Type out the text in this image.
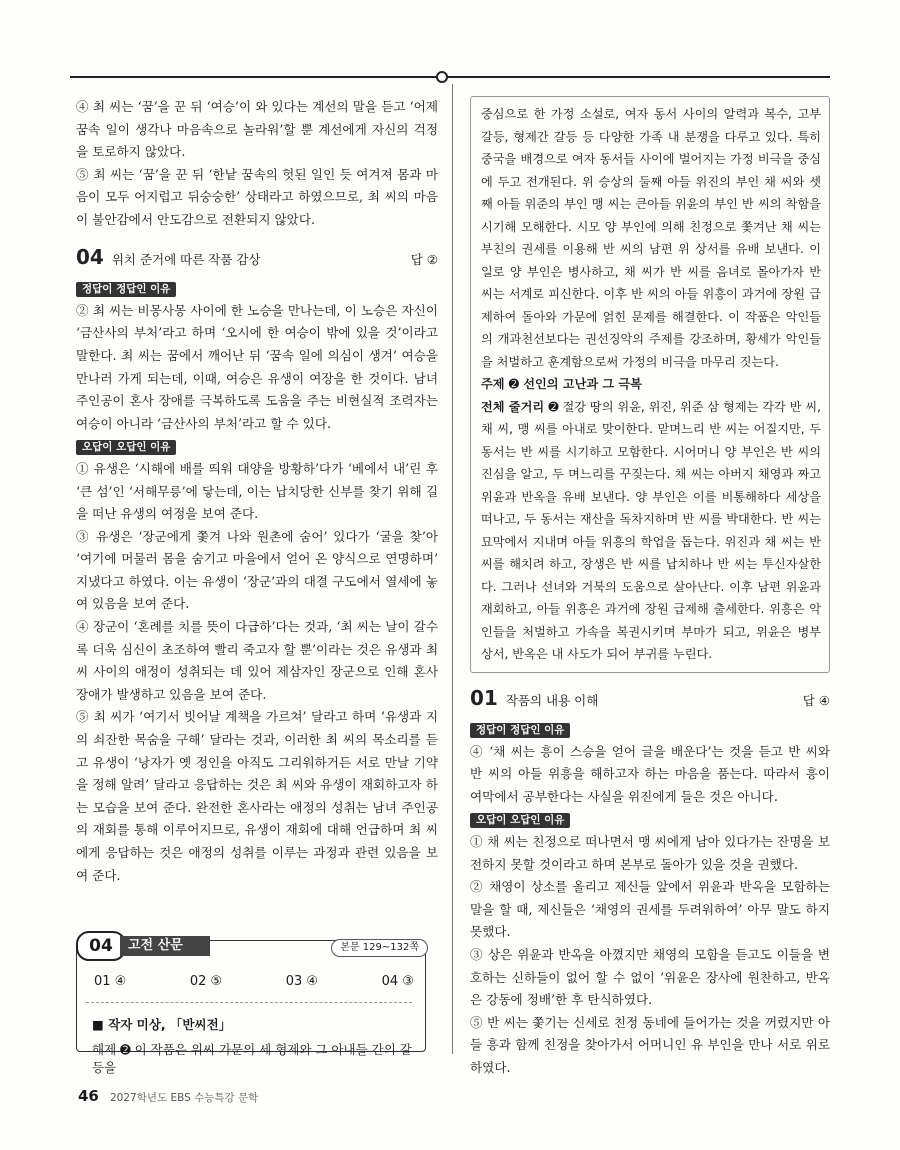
④ 최 씨는 ‘꿈’을 꾼 뒤 ‘여승’이 와 있다는 계선의 말을 듣고 ‘어제 꿈속 일이 생각나 마음속으로 놀라워’할 뿐 계선에게 자신의 걱정을 토로하지 않았다.

⑤ 최 씨는 ‘꿈’을 꾼 뒤 ‘한낱 꿈속의 헛된 일인 듯 여겨져 몸과 마음이 모두 어지럽고 뒤숭숭한’ 상태라고 하였으므로, 최 씨의 마음이 불안감에서 안도감으로 전환되지 않았다.

04 위치 준거에 따른 작품 감상	답 ②
정답이 정답인 이유

② 최 씨는 비몽사몽 사이에 한 노승을 만나는데, 이 노승은 자신이 ‘금산사의 부처’라고 하며 ‘오시에 한 여승이 밖에 있을 것’이라고 말한다. 최 씨는 꿈에서 깨어난 뒤 ‘꿈속 일에 의심이 생겨’ 여승을 만나러 가게 되는데, 이때, 여승은 유생이 여장을 한 것이다. 남녀 주인공이 혼사 장애를 극복하도록 도움을 주는 비현실적 조력자는 여승이 아니라 ‘금산사의 부처’라고 할 수 있다.

오답이 오답인 이유

① 유생은 ‘시해에 배를 띄워 대양을 방황하’다가 ‘베에서 내’린 후 ‘큰 섬’인 ‘서해무릉’에 닿는데, 이는 납치당한 신부를 찾기 위해 길을 떠난 유생의 여정을 보여 준다.

③ 유생은 ‘장군에게 쫓겨 나와 원촌에 숨어’ 있다가 ‘굴을 찾’아 ‘여기에 머물러 몸을 숨기고 마을에서 얻어 온 양식으로 연명하며’ 지냈다고 하였다. 이는 유생이 ‘장군’과의 대결 구도에서 열세에 놓여 있음을 보여 준다.

④ 장군이 ‘혼례를 치를 뜻이 다급하’다는 것과, ‘최 씨는 날이 갈수록 더욱 심신이 초조하여 빨리 죽고자 할 뿐’이라는 것은 유생과 최 씨 사이의 애정이 성취되는 데 있어 제삼자인 장군으로 인해 혼사 장애가 발생하고 있음을 보여 준다.

⑤ 최 씨가 ‘여기서 빗어날 계책을 가르쳐’ 달라고 하며 ‘유생과 지의 쇠잔한 목숨을 구해’ 달라는 것과, 이러한 최 씨의 목소리를 듣고 유생이 ‘낭자가 옛 정인을 아직도 그리워하거든 서로 만날 기약을 정해 알려’ 달라고 응답하는 것은 최 씨와 유생이 재회하고자 하는 모습을 보여 준다. 완전한 혼사라는 애정의 성취는 남녀 주인공의 재회를 통해 이루어지므로, 유생이 재회에 대해 언급하며 최 씨에게 응답하는 것은 애정의 성취를 이루는 과정과 관련 있음을 보여 준다.

04	고전 산문	본문 129~132쪽
01 ④	02 ⑤	03 ④	04 ③
■ 작자 미상, 「반씨전」
해제 ➋ 이 작품은 위씨 가문의 세 형제와 그 아내들 간의 갈등을

중심으로 한 가정 소설로, 여자 동서 사이의 알력과 복수, 고부 갈등, 형제간 갈등 등 다양한 가족 내 분쟁을 다루고 있다. 특히 중국을 배경으로 여자 동서들 사이에 벌어지는 가정 비극을 중심에 두고 전개된다. 위 승상의 둘째 아들 위진의 부인 채 씨와 셋째 아들 위준의 부인 맹 씨는 큰아들 위윤의 부인 반 씨의 착함을 시기해 모해한다. 시모 양 부인에 의해 친정으로 쫓겨난 채 씨는 부친의 권세를 이용해 반 씨의 남편 위 상서를 유배 보낸다. 이 일로 양 부인은 병사하고, 채 씨가 반 씨를 음녀로 몰아가자 반 씨는 서계로 피신한다. 이후 반 씨의 아들 위흥이 과거에 장원 급제하여 돌아와 가문에 얽힌 문제를 해결한다. 이 작품은 악인들의 개과천선보다는 권선징악의 주제를 강조하며, 황세가 악인들을 처벌하고 훈계함으로써 가정의 비극을 마무리 짓는다.

주제 ➋ 선인의 고난과 그 극복

전체 줄거리 ➋ 절강 땅의 위윤, 위진, 위준 삼 형제는 각각 반 씨, 채 씨, 맹 씨를 아내로 맞이한다. 맏며느리 반 씨는 어질지만, 두 동서는 반 씨를 시기하고 모함한다. 시어머니 양 부인은 반 씨의 진심을 알고, 두 며느리를 꾸짖는다. 채 씨는 아버지 채영과 짜고 위윤과 반옥을 유배 보낸다. 양 부인은 이를 비통해하다 세상을 떠나고, 두 동서는 재산을 독차지하며 반 씨를 박대한다. 반 씨는 묘막에서 지내며 아들 위흥의 학업을 돕는다. 위진과 채 씨는 반 씨를 해치려 하고, 장생은 반 씨를 납치하나 반 씨는 투신자살한다. 그러나 선녀와 거북의 도움으로 살아난다. 이후 남편 위윤과 재회하고, 아들 위흥은 과거에 장원 급제해 출세한다. 위흥은 악인들을 처벌하고 가속을 복권시키며 부마가 되고, 위윤은 병부 상서, 반옥은 내 사도가 되어 부귀를 누린다.

01 작품의 내용 이해	답 ④
정답이 정답인 이유

④ ‘채 씨는 흥이 스승을 얻어 글을 배운다’는 것을 듣고 반 씨와 반 씨의 아들 위흥을 해하고자 하는 마음을 품는다. 따라서 흥이 여막에서 공부한다는 사실을 위진에게 들은 것은 아니다.

오답이 오답인 이유

① 채 씨는 친정으로 떠나면서 맹 씨에게 남아 있다가는 잔명을 보전하지 못할 것이라고 하며 본부로 돌아가 있을 것을 권했다.

② 채영이 상소를 올리고 제신들 앞에서 위윤과 반옥을 모함하는 말을 할 때, 제신들은 ‘채영의 권세를 두려워하여’ 아무 말도 하지 못했다.

③ 상은 위윤과 반옥을 아꼈지만 채영의 모함을 듣고도 이들을 변호하는 신하들이 없어 할 수 없이 ‘위윤은 장사에 원찬하고, 반옥은 강동에 정배’한 후 탄식하였다.

⑤ 반 씨는 쫓기는 신세로 친정 동네에 들어가는 것을 꺼렸지만 아들 흥과 함께 친정을 찾아가서 어머니인 유 부인을 만나 서로 위로하였다.

46 2027학년도 EBS 수능특강 문학
